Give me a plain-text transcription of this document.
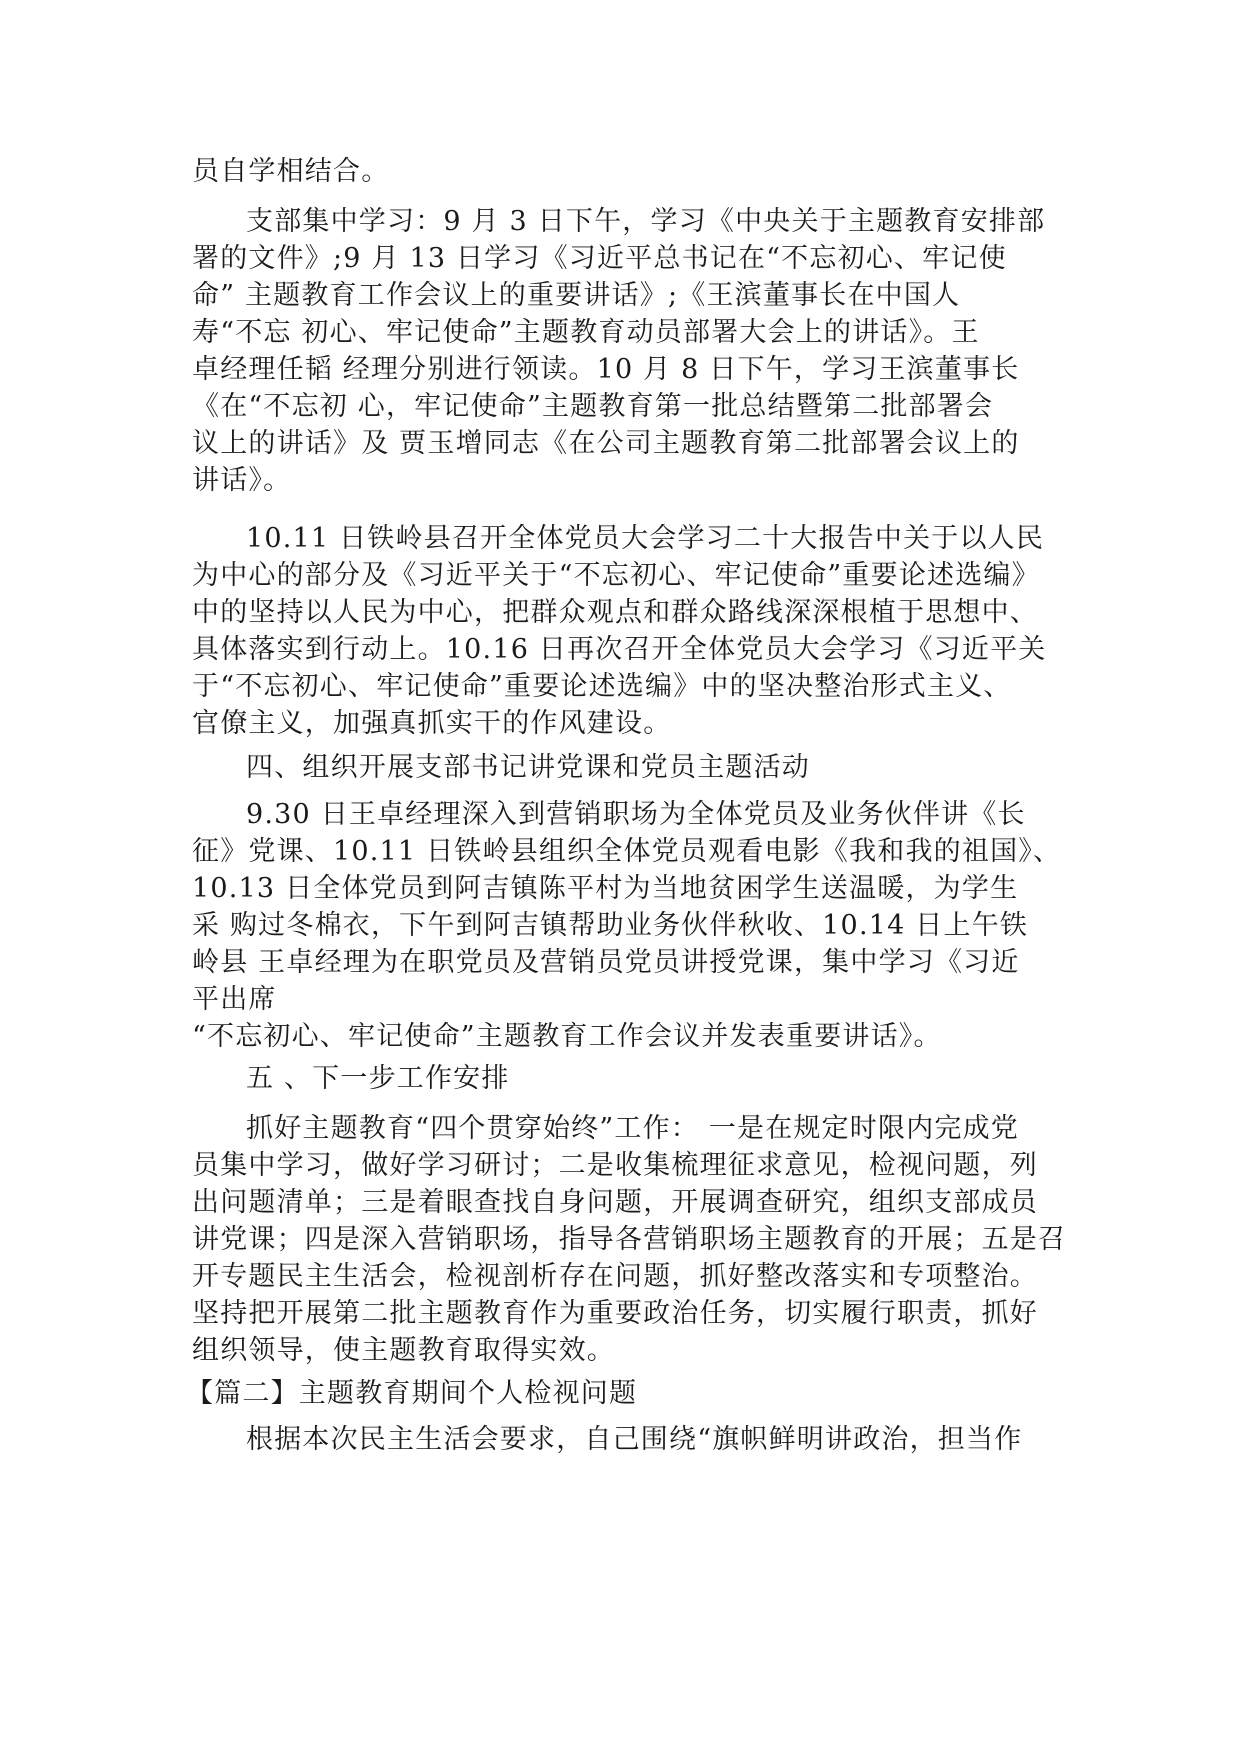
员自学相结合。

支部集中学习：9 月 3 日下午，学习《中央关于主题教育安排部

署的文件》;9 月 13 日学习《习近平总书记在“不忘初心、牢记使

命” 主题教育工作会议上的重要讲话》;《王滨董事长在中国人

寿“不忘 初心、牢记使命”主题教育动员部署大会上的讲话》。王

卓经理任韬 经理分别进行领读。10 月 8 日下午，学习王滨董事长

《在“不忘初 心，牢记使命”主题教育第一批总结暨第二批部署会

议上的讲话》及 贾玉增同志《在公司主题教育第二批部署会议上的

讲话》。

10.11 日铁岭县召开全体党员大会学习二十大报告中关于以人民

为中心的部分及《习近平关于“不忘初心、牢记使命”重要论述选编》

中的坚持以人民为中心，把群众观点和群众路线深深根植于思想中、

具体落实到行动上。10.16 日再次召开全体党员大会学习《习近平关

于“不忘初心、牢记使命”重要论述选编》中的坚决整治形式主义、

官僚主义，加强真抓实干的作风建设。

四、组织开展支部书记讲党课和党员主题活动

9.30 日王卓经理深入到营销职场为全体党员及业务伙伴讲《长

征》党课、10.11 日铁岭县组织全体党员观看电影《我和我的祖国》、

10.13 日全体党员到阿吉镇陈平村为当地贫困学生送温暖，为学生

采 购过冬棉衣，下午到阿吉镇帮助业务伙伴秋收、10.14 日上午铁

岭县 王卓经理为在职党员及营销员党员讲授党课，集中学习《习近

平出席

“不忘初心、牢记使命”主题教育工作会议并发表重要讲话》。

五 、下一步工作安排

抓好主题教育“四个贯穿始终”工作： 一是在规定时限内完成党

员集中学习，做好学习研讨；二是收集梳理征求意见，检视问题，列

出问题清单；三是着眼查找自身问题，开展调查研究，组织支部成员

讲党课；四是深入营销职场，指导各营销职场主题教育的开展；五是召

开专题民主生活会，检视剖析存在问题，抓好整改落实和专项整治。

坚持把开展第二批主题教育作为重要政治任务，切实履行职责，抓好

组织领导，使主题教育取得实效。

【篇二】主题教育期间个人检视问题

根据本次民主生活会要求，自己围绕“旗帜鲜明讲政治，担当作
